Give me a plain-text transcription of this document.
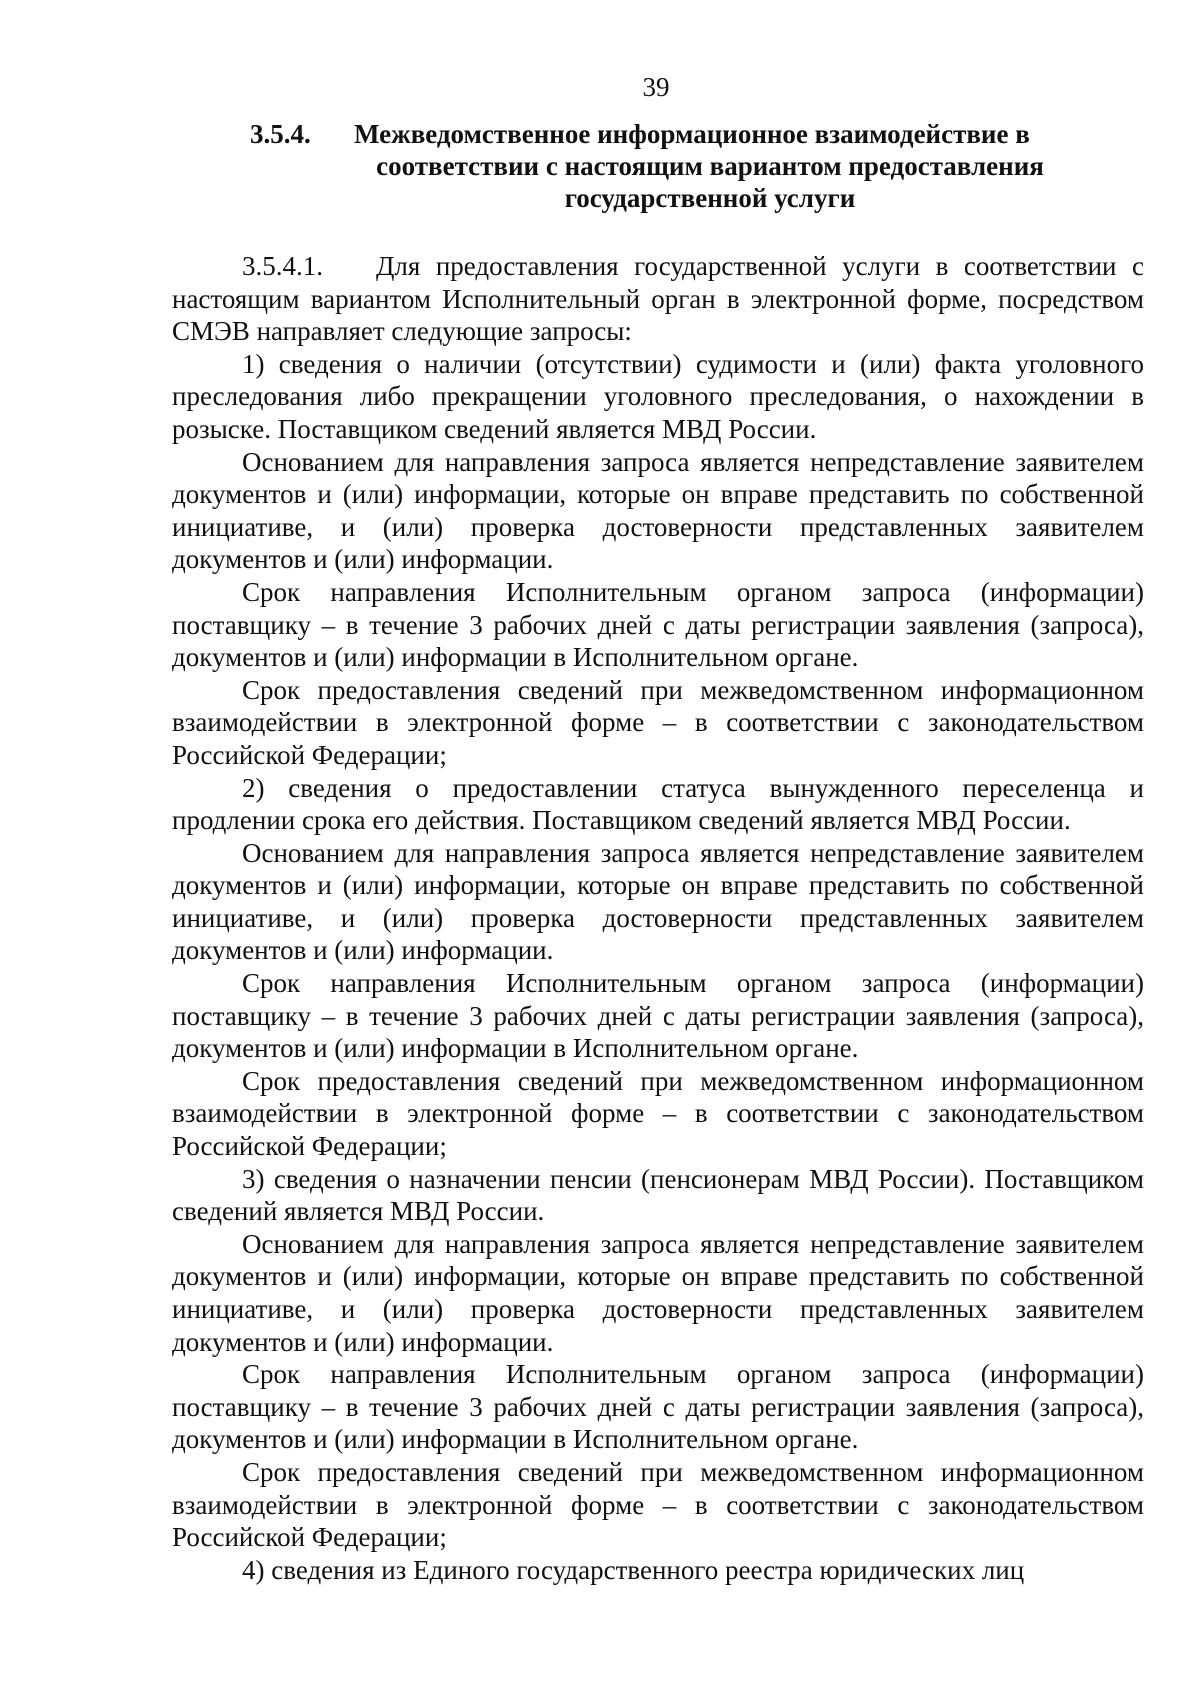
39
3.5.4.	Межведомственное информационное взаимодействие в
соответствии с настоящим вариантом предоставления государственной услуги

3.5.4.1. Для предоставления государственной услуги в соответствии с настоящим вариантом Исполнительный орган в электронной форме, посредством СМЭВ направляет следующие запросы:

1) сведения о наличии (отсутствии) судимости и (или) факта уголовного преследования либо прекращении уголовного преследования, о нахождении в розыске. Поставщиком сведений является МВД России.

Основанием для направления запроса является непредставление заявителем документов и (или) информации, которые он вправе представить по собственной инициативе, и (или) проверка достоверности представленных заявителем документов и (или) информации.

Срок направления Исполнительным органом запроса (информации) поставщику – в течение 3 рабочих дней с даты регистрации заявления (запроса), документов и (или) информации в Исполнительном органе.

Срок предоставления сведений при межведомственном информационном взаимодействии в электронной форме – в соответствии с законодательством Российской Федерации;

2) сведения о предоставлении статуса вынужденного переселенца и продлении срока его действия. Поставщиком сведений является МВД России.

Основанием для направления запроса является непредставление заявителем документов и (или) информации, которые он вправе представить по собственной инициативе, и (или) проверка достоверности представленных заявителем документов и (или) информации.

Срок направления Исполнительным органом запроса (информации) поставщику – в течение 3 рабочих дней с даты регистрации заявления (запроса), документов и (или) информации в Исполнительном органе.

Срок предоставления сведений при межведомственном информационном взаимодействии в электронной форме – в соответствии с законодательством Российской Федерации;

3) сведения о назначении пенсии (пенсионерам МВД России). Поставщиком сведений является МВД России.

Основанием для направления запроса является непредставление заявителем документов и (или) информации, которые он вправе представить по собственной инициативе, и (или) проверка достоверности представленных заявителем документов и (или) информации.

Срок направления Исполнительным органом запроса (информации) поставщику – в течение 3 рабочих дней с даты регистрации заявления (запроса), документов и (или) информации в Исполнительном органе.

Срок предоставления сведений при межведомственном информационном взаимодействии в электронной форме – в соответствии с законодательством Российской Федерации;

4) сведения из Единого государственного реестра юридических лиц
